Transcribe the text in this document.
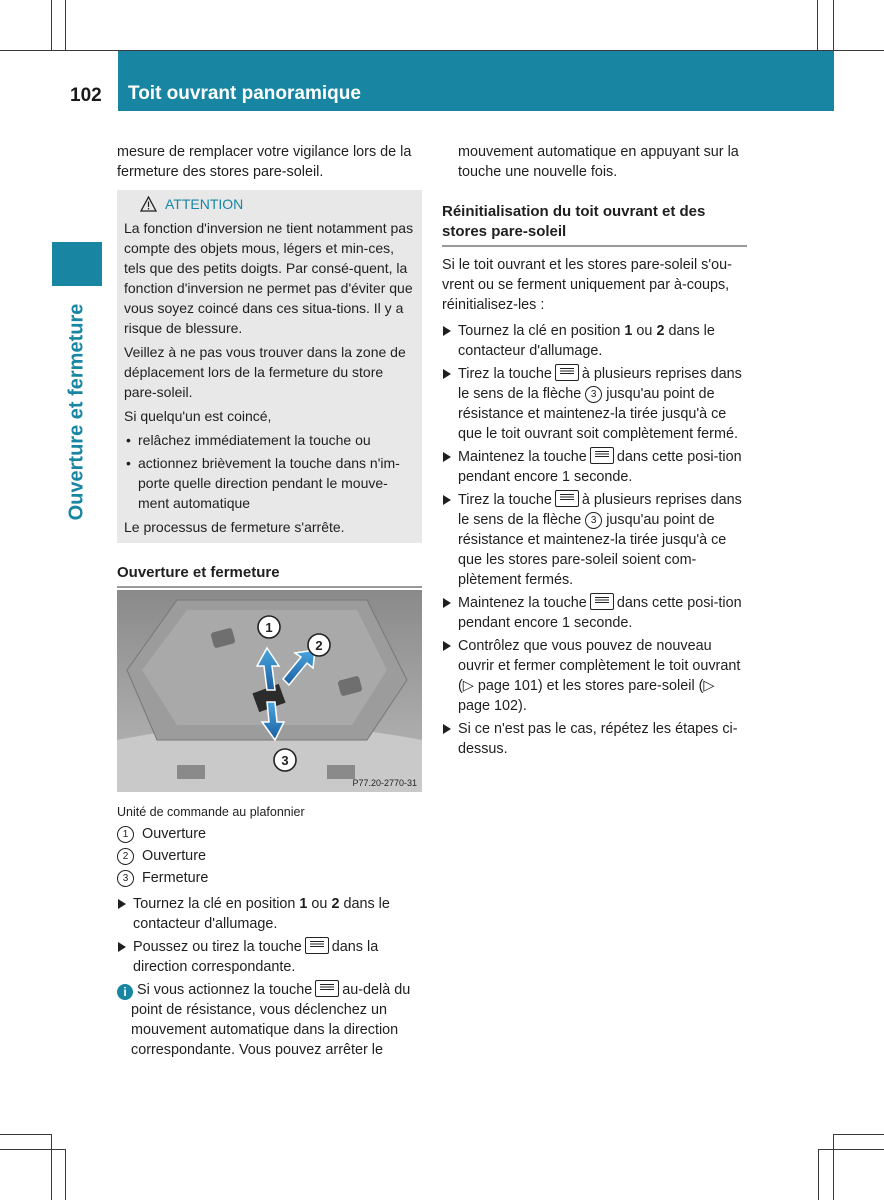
102 Toit ouvrant panoramique
Ouverture et fermeture

mesure de remplacer votre vigilance lors de la fermeture des stores pare-soleil.

ATTENTION

La fonction d'inversion ne tient notamment pas compte des objets mous, légers et min-ces, tels que des petits doigts. Par consé-quent, la fonction d'inversion ne permet pas d'éviter que vous soyez coincé dans ces situa-tions. Il y a risque de blessure.

Veillez à ne pas vous trouver dans la zone de déplacement lors de la fermeture du store pare-soleil.

Si quelqu'un est coincé,

• relâchez immédiatement la touche ou
• actionnez brièvement la touche dans n'im-porte quelle direction pendant le mouve-ment automatique

Le processus de fermeture s'arrête.

Ouverture et fermeture
1
2
3
P77.20-2770-31
Unité de commande au plafonnier
1 Ouverture
2 Ouverture
3 Fermeture
Tournez la clé en position 1 ou 2 dans le contacteur d'allumage.
Poussez ou tirez la touche dans la direction correspondante.
i Si vous actionnez la touche au-delà du point de résistance, vous déclenchez un mouvement automatique dans la direction correspondante. Vous pouvez arrêter le

mouvement automatique en appuyant sur la touche une nouvelle fois.

Réinitialisation du toit ouvrant et des stores pare-soleil

Si le toit ouvrant et les stores pare-soleil s'ou-vrent ou se ferment uniquement par à-coups, réinitialisez-les :

Tournez la clé en position 1 ou 2 dans le contacteur d'allumage.
Tirez la touche à plusieurs reprises dans le sens de la flèche 3 jusqu'au point de résistance et maintenez-la tirée jusqu'à ce que le toit ouvrant soit complètement fermé.
Maintenez la touche dans cette posi-tion pendant encore 1 seconde.
Tirez la touche à plusieurs reprises dans le sens de la flèche 3 jusqu'au point de résistance et maintenez-la tirée jusqu'à ce que les stores pare-soleil soient com-plètement fermés.
Maintenez la touche dans cette posi-tion pendant encore 1 seconde.
Contrôlez que vous pouvez de nouveau ouvrir et fermer complètement le toit ouvrant (▷ page 101) et les stores pare-soleil (▷ page 102).
Si ce n'est pas le cas, répétez les étapes ci-dessus.
